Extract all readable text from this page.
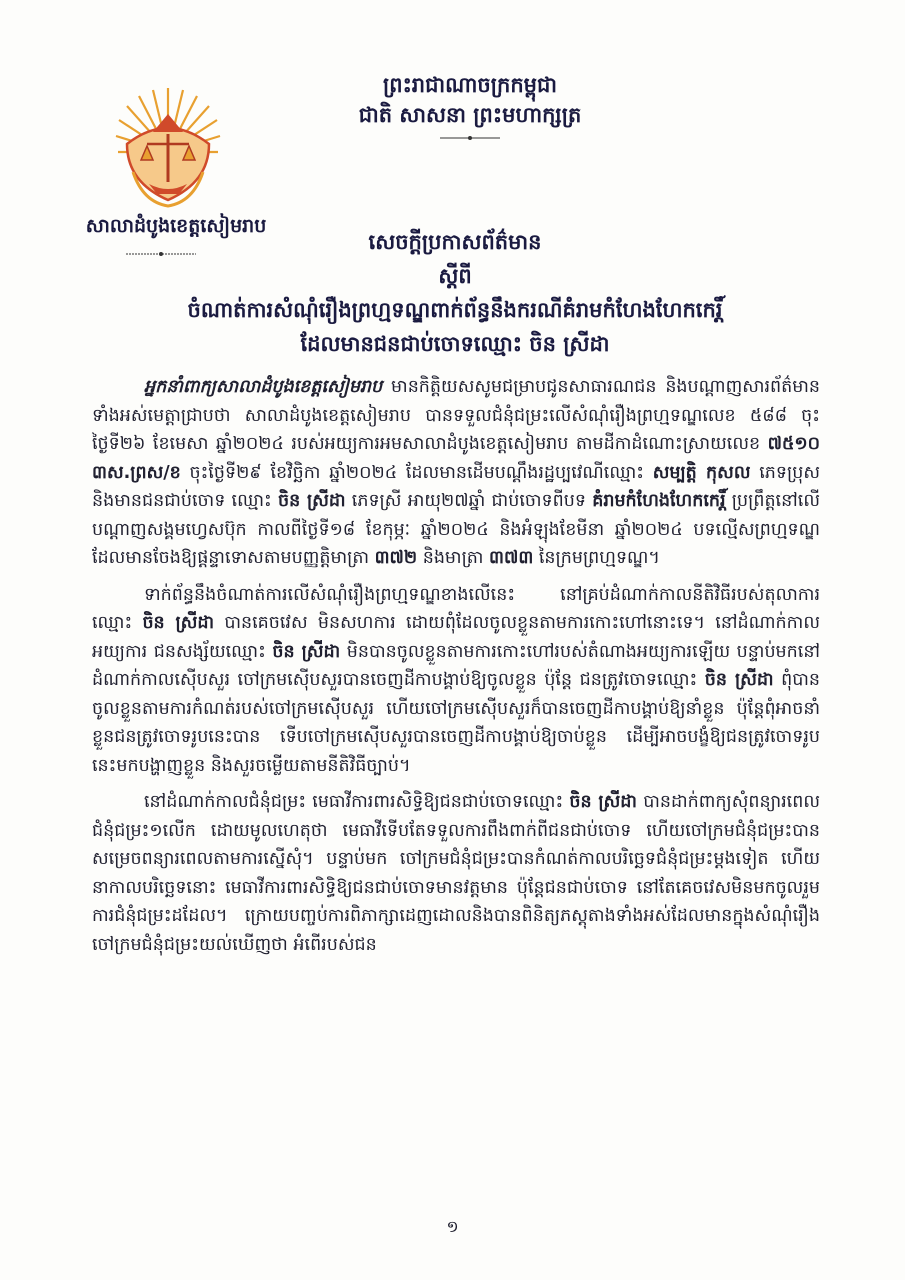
សាលាដំបូងខេត្តសៀមរាប
ព្រះរាជាណាចក្រកម្ពុជា
ជាតិ សាសនា ព្រះមហាក្សត្រ
សេចក្តីប្រកាសព័ត៌មាន
ស្តីពី
ចំណាត់ការសំណុំរឿងព្រហ្មទណ្ឌពាក់ព័ន្ធនឹងករណីគំរាមកំហែងហែកកេរ្តិ៍
ដែលមានជនជាប់ចោទឈ្មោះ ចិន ស្រីដា

អ្នកនាំពាក្យសាលាដំបូងខេត្តសៀមរាប មានកិត្តិយសសូមជម្រាបជូនសាធារណជន និងបណ្តាញសារព័ត៌មានទាំងអស់មេត្តាជ្រាបថា សាលាដំបូងខេត្តសៀមរាប បានទទួលជំនុំជម្រះលើសំណុំរឿងព្រហ្មទណ្ឌលេខ ៥៨៨ ចុះថ្ងៃទី២៦ ខែមេសា ឆ្នាំ២០២៤ របស់អយ្យការអមសាលាដំបូងខេត្តសៀមរាប តាមដីកាដំណោះស្រាយលេខ ៧៥១០ ៣ស.ព្រស/ខ ចុះថ្ងៃទី២៩ ខែវិច្ឆិកា ឆ្នាំ២០២៤ ដែលមានដើមបណ្តឹងរដ្ឋប្បវេណីឈ្មោះ សម្បត្តិ កុសល ភេទប្រុស និងមានជនជាប់ចោទ ឈ្មោះ ចិន ស្រីដា ភេទស្រី អាយុ២៧ឆ្នាំ ជាប់ចោទពីបទ គំរាមកំហែងហែកកេរ្តិ៍ ប្រព្រឹត្តនៅលើបណ្តាញសង្គមហ្វេសប៊ុក កាលពីថ្ងៃទី១៨ ខែកុម្ភៈ ឆ្នាំ២០២៤ និងអំឡុងខែមីនា ឆ្នាំ២០២៤ បទល្មើសព្រហ្មទណ្ឌដែលមានចែងឱ្យផ្តន្ទាទោសតាមបញ្ញត្តិមាត្រា ៣៧២ និងមាត្រា ៣៧៣ នៃក្រមព្រហ្មទណ្ឌ។

ទាក់ព័ន្ធនឹងចំណាត់ការលើសំណុំរឿងព្រហ្មទណ្ឌខាងលើនេះ នៅគ្រប់ដំណាក់កាលនីតិវិធីរបស់តុលាការ ឈ្មោះ ចិន ស្រីដា បានគេចវេស មិនសហការ ដោយពុំដែលចូលខ្លួនតាមការកោះហៅនោះទេ។ នៅដំណាក់កាលអយ្យការ ជនសង្ស័យឈ្មោះ ចិន ស្រីដា មិនបានចូលខ្លួនតាមការកោះហៅរបស់តំណាងអយ្យការឡើយ បន្ទាប់មកនៅដំណាក់កាលស៊ើបសួរ ចៅក្រមស៊ើបសួរបានចេញដីកាបង្គាប់ឱ្យចូលខ្លួន ប៉ុន្តែ ជនត្រូវចោទឈ្មោះ ចិន ស្រីដា ពុំបានចូលខ្លួនតាមការកំណត់របស់ចៅក្រមស៊ើបសួរ ហើយចៅក្រមស៊ើបសួរក៏បានចេញដីកាបង្គាប់ឱ្យនាំខ្លួន ប៉ុន្តែពុំអាចនាំខ្លួនជនត្រូវចោទរូបនេះបាន ទើបចៅក្រមស៊ើបសួរបានចេញដីកាបង្គាប់ឱ្យចាប់ខ្លួន ដើម្បីអាចបង្ខំឱ្យជនត្រូវចោទរូបនេះមកបង្ហាញខ្លួន និងសួរចម្លើយតាមនីតិវិធីច្បាប់។

នៅដំណាក់កាលជំនុំជម្រះ មេធាវីការពារសិទ្ធិឱ្យជនជាប់ចោទឈ្មោះ ចិន ស្រីដា បានដាក់ពាក្យសុំពន្យារពេលជំនុំជម្រះ១លើក ដោយមូលហេតុថា មេធាវីទើបតែទទួលការពឹងពាក់ពីជនជាប់ចោទ ហើយចៅក្រមជំនុំជម្រះបានសម្រេចពន្យារពេលតាមការស្នើសុំ។ បន្ទាប់មក ចៅក្រមជំនុំជម្រះបានកំណត់កាលបរិច្ឆេទជំនុំជម្រះម្តងទៀត ហើយនាកាលបរិច្ឆេទនោះ មេធាវីការពារសិទ្ធិឱ្យជនជាប់ចោទមានវត្តមាន ប៉ុន្តែជនជាប់ចោទ នៅតែគេចវេសមិនមកចូលរួមការជំនុំជម្រះដដែល។ ក្រោយបញ្ចប់ការពិភាក្សាដេញដោលនិងបានពិនិត្យភស្តុតាងទាំងអស់ដែលមានក្នុងសំណុំរឿង ចៅក្រមជំនុំជម្រះយល់ឃើញថា អំពើរបស់ជន

១
